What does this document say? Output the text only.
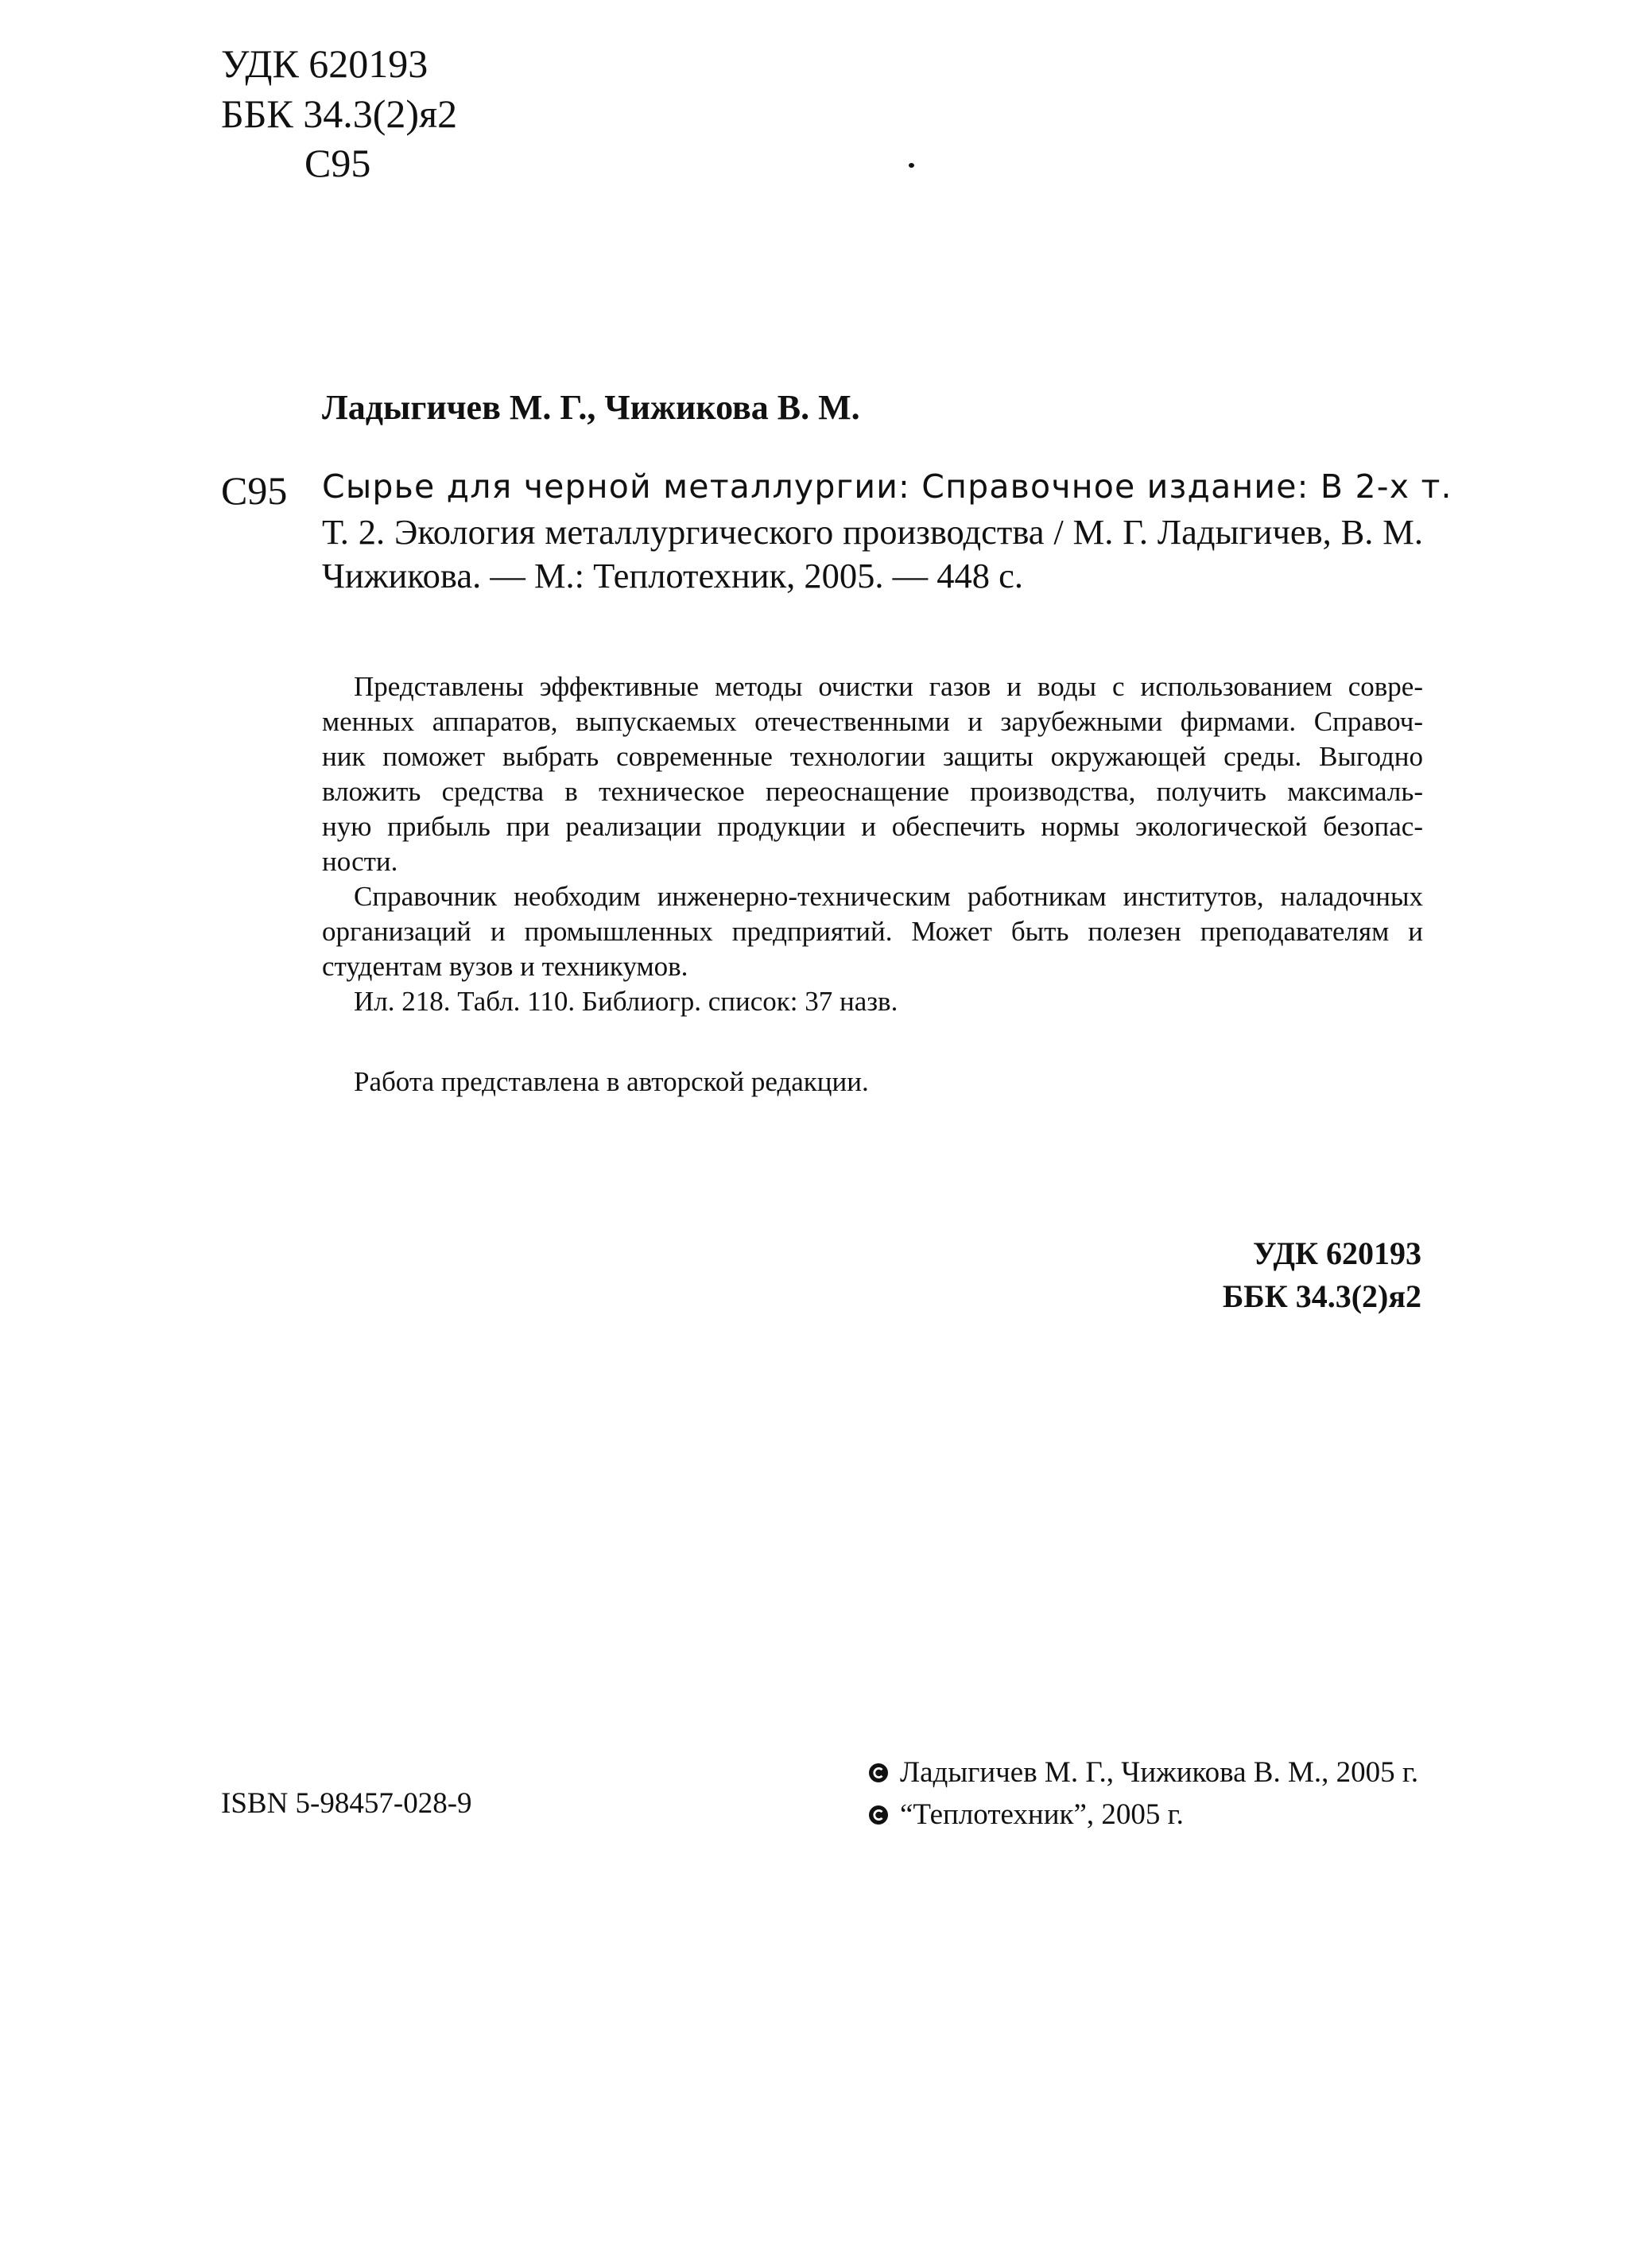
УДК 620193
ББК 34.3(2)я2
С95
Ладыгичев М. Г., Чижикова В. М.
С95 Сырье для черной металлургии: Справочное издание: В 2-х т.
Т. 2. Экология металлургического производства / М. Г. Ладыгичев, В. М.
Чижикова. — М.: Теплотехник, 2005. — 448 с.
Представлены эффективные методы очистки газов и воды с использованием совре-
менных аппаратов, выпускаемых отечественными и зарубежными фирмами. Справоч-
ник поможет выбрать современные технологии защиты окружающей среды. Выгодно
вложить средства в техническое переоснащение производства, получить максималь-
ную прибыль при реализации продукции и обеспечить нормы экологической безопас-
ности.
Справочник необходим инженерно-техническим работникам институтов, наладочных
организаций и промышленных предприятий. Может быть полезен преподавателям и
студентам вузов и техникумов.
Ил. 218. Табл. 110. Библиогр. список: 37 назв.
Работа представлена в авторской редакции.
УДК 620193
ББК 34.3(2)я2
ISBN 5-98457-028-9
Ладыгичев М. Г., Чижикова В. М., 2005 г.
“Теплотехник”, 2005 г.
